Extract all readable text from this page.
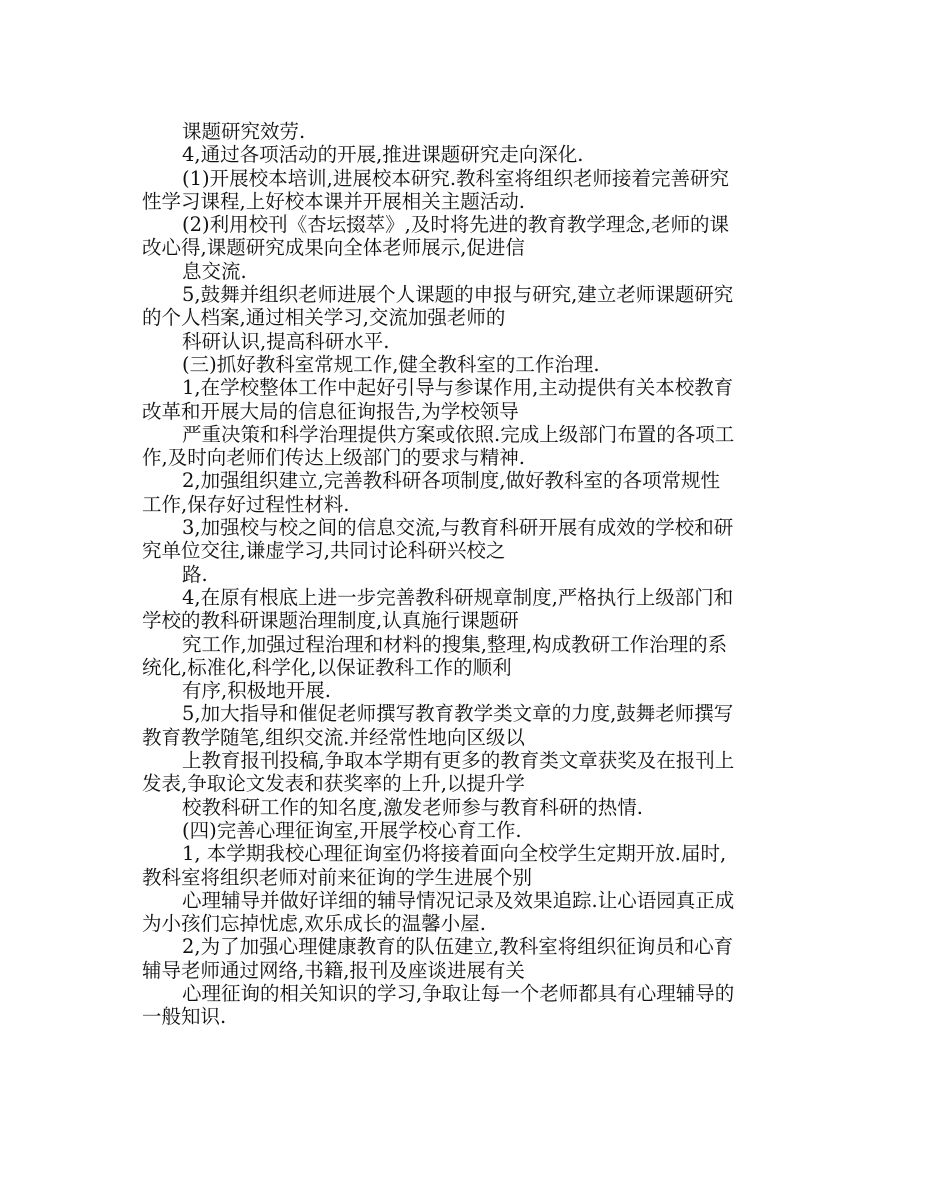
课题研究效劳.
4,通过各项活动的开展,推进课题研究走向深化.
(1)开展校本培训,进展校本研究.教科室将组织老师接着完善研究
性学习课程,上好校本课并开展相关主题活动.
(2)利用校刊《杏坛掇萃》,及时将先进的教育教学理念,老师的课
改心得,课题研究成果向全体老师展示,促进信
息交流.
5,鼓舞并组织老师进展个人课题的申报与研究,建立老师课题研究
的个人档案,通过相关学习,交流加强老师的
科研认识,提高科研水平.
(三)抓好教科室常规工作,健全教科室的工作治理.
1,在学校整体工作中起好引导与参谋作用,主动提供有关本校教育
改革和开展大局的信息征询报告,为学校领导
严重决策和科学治理提供方案或依照.完成上级部门布置的各项工
作,及时向老师们传达上级部门的要求与精神.
2,加强组织建立,完善教科研各项制度,做好教科室的各项常规性
工作,保存好过程性材料.
3,加强校与校之间的信息交流,与教育科研开展有成效的学校和研
究单位交往,谦虚学习,共同讨论科研兴校之
路.
4,在原有根底上进一步完善教科研规章制度,严格执行上级部门和
学校的教科研课题治理制度,认真施行课题研
究工作,加强过程治理和材料的搜集,整理,构成教研工作治理的系
统化,标准化,科学化,以保证教科工作的顺利
有序,积极地开展.
5,加大指导和催促老师撰写教育教学类文章的力度,鼓舞老师撰写
教育教学随笔,组织交流.并经常性地向区级以
上教育报刊投稿,争取本学期有更多的教育类文章获奖及在报刊上
发表,争取论文发表和获奖率的上升,以提升学
校教科研工作的知名度,激发老师参与教育科研的热情.
(四)完善心理征询室,开展学校心育工作.
1, 本学期我校心理征询室仍将接着面向全校学生定期开放.届时,
教科室将组织老师对前来征询的学生进展个别
心理辅导并做好详细的辅导情况记录及效果追踪.让心语园真正成
为小孩们忘掉忧虑,欢乐成长的温馨小屋.
2,为了加强心理健康教育的队伍建立,教科室将组织征询员和心育
辅导老师通过网络,书籍,报刊及座谈进展有关
心理征询的相关知识的学习,争取让每一个老师都具有心理辅导的
一般知识.
